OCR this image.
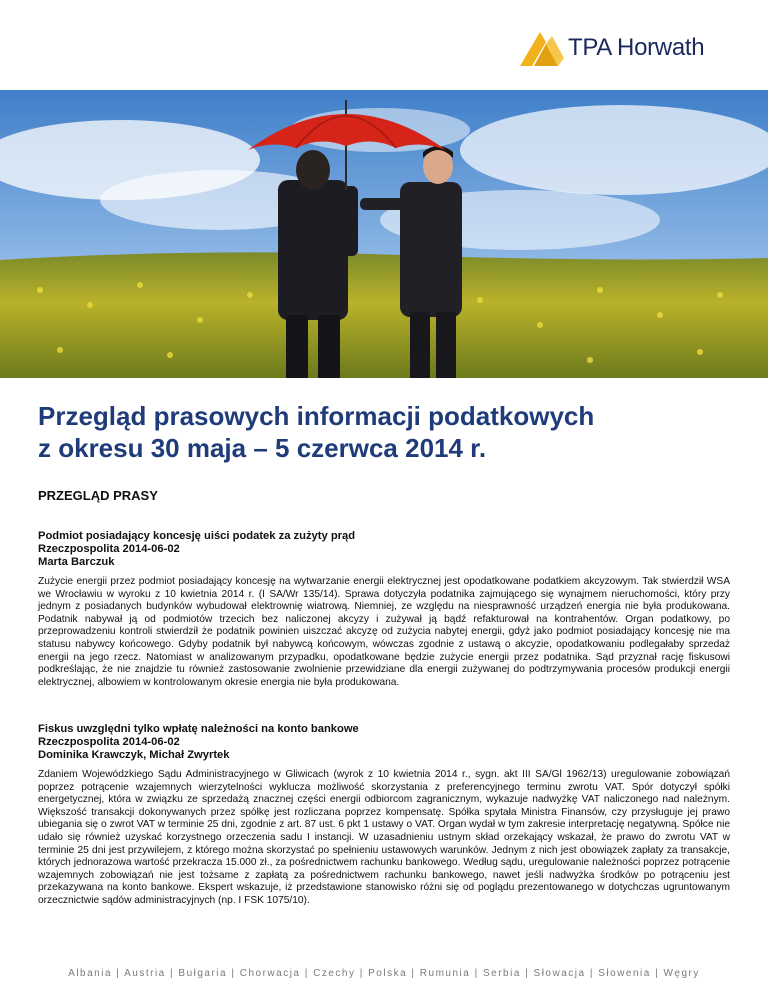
TPA Horwath
Przegląd prasowych informacji podatkowych
z okresu 30 maja – 5 czerwca 2014 r.
PRZEGLĄD PRASY
Podmiot posiadający koncesję uiści podatek za zużyty prąd
Rzeczpospolita 2014-06-02
Marta Barczuk
Zużycie energii przez podmiot posiadający koncesję na wytwarzanie energii elektrycznej jest opodatkowane podatkiem akcyzowym. Tak stwierdził WSA we Wrocławiu w wyroku z 10 kwietnia 2014 r. (I SA/Wr 135/14). Sprawa dotyczyła podatnika zajmującego się wynajmem nieruchomości, który przy jednym z posiadanych budynków wybudował elektrownię wiatrową. Niemniej, ze względu na niesprawność urządzeń energia nie była produkowana. Podatnik nabywał ją od podmiotów trzecich bez naliczonej akcyzy i zużywał ją bądź refakturował na kontrahentów. Organ podatkowy, po przeprowadzeniu kontroli stwierdził że podatnik powinien uiszczać akcyzę od zużycia nabytej energii, gdyż jako podmiot posiadający koncesję nie ma statusu nabywcy końcowego. Gdyby podatnik był nabywcą końcowym, wówczas zgodnie z ustawą o akcyzie, opodatkowaniu podlegałaby sprzedaż energii na jego rzecz. Natomiast w analizowanym przypadku, opodatkowane będzie zużycie energii przez podatnika. Sąd przyznał rację fiskusowi podkreślając, że nie znajdzie tu również zastosowanie zwolnienie przewidziane dla energii zużywanej do podtrzymywania procesów produkcji energii elektrycznej, albowiem w kontrolowanym okresie energia nie była produkowana.
Fiskus uwzględni tylko wpłatę należności na konto bankowe
Rzeczpospolita 2014-06-02
Dominika Krawczyk, Michał Zwyrtek
Zdaniem Wojewódzkiego Sądu Administracyjnego w Gliwicach (wyrok z 10 kwietnia 2014 r., sygn. akt III SA/Gl 1962/13) uregulowanie zobowiązań poprzez potrącenie wzajemnych wierzytelności wyklucza możliwość skorzystania z preferencyjnego terminu zwrotu VAT. Spór dotyczył spółki energetycznej, która w związku ze sprzedażą znacznej części energii odbiorcom zagranicznym, wykazuje nadwyżkę VAT naliczonego nad należnym. Większość transakcji dokonywanych przez spółkę jest rozliczana poprzez kompensatę. Spółka spytała Ministra Finansów, czy przysługuje jej prawo ubiegania się o zwrot VAT w terminie 25 dni, zgodnie z art. 87 ust. 6 pkt 1 ustawy o VAT. Organ wydał w tym zakresie interpretację negatywną. Spółce nie udało się również uzyskać korzystnego orzeczenia sadu I instancji. W uzasadnieniu ustnym skład orzekający wskazał, że prawo do zwrotu VAT w terminie 25 dni jest przywilejem, z którego można skorzystać po spełnieniu ustawowych warunków. Jednym z nich jest obowiązek zapłaty za transakcje, których jednorazowa wartość przekracza 15.000 zł., za pośrednictwem rachunku bankowego. Według sądu, uregulowanie należności poprzez potrącenie wzajemnych zobowiązań nie jest tożsame z zapłatą za pośrednictwem rachunku bankowego, nawet jeśli nadwyżka środków po potrąceniu jest przekazywana na konto bankowe. Ekspert wskazuje, iż przedstawione stanowisko różni się od poglądu prezentowanego w dotychczas ugruntowanym orzecznictwie sądów administracyjnych (np. I FSK 1075/10).
Albania | Austria | Bułgaria | Chorwacja | Czechy | Polska | Rumunia | Serbia | Słowacja | Słowenia | Węgry
